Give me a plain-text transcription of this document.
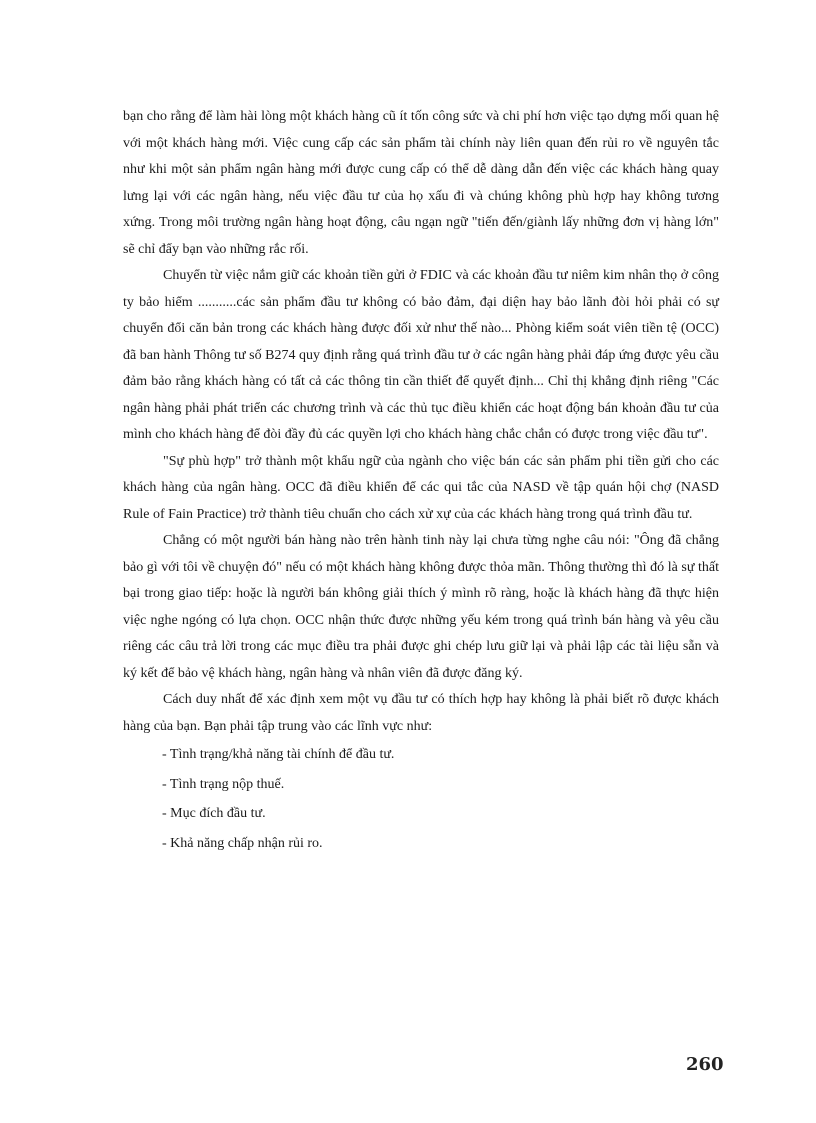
bạn cho rằng để làm hài lòng một khách hàng cũ ít tốn công sức và chi phí hơn việc tạo dựng mối quan hệ với một khách hàng mới. Việc cung cấp các sản phẩm tài chính này liên quan đến rủi ro về nguyên tắc như khi một sản phẩm ngân hàng mới được cung cấp có thể dễ dàng dẫn đến việc các khách hàng quay lưng lại với các ngân hàng, nếu việc đầu tư của họ xấu đi và chúng không phù hợp hay không tương xứng. Trong môi trường ngân hàng hoạt động, câu ngạn ngữ "tiến đến/giành lấy những đơn vị hàng lớn" sẽ chỉ đẩy bạn vào những rắc rối.

Chuyển từ việc nắm giữ các khoản tiền gửi ở FDIC và các khoản đầu tư niêm kim nhân thọ ở công ty bảo hiểm ...........các sản phẩm đầu tư không có bảo đảm, đại diện hay bảo lãnh đòi hỏi phải có sự chuyển đổi căn bản trong các khách hàng được đối xử như thế nào... Phòng kiểm soát viên tiền tệ (OCC) đã ban hành Thông tư số B274 quy định rằng quá trình đầu tư ở các ngân hàng phải đáp ứng được yêu cầu đảm bảo rằng khách hàng có tất cả các thông tin cần thiết để quyết định... Chỉ thị khẳng định riêng "Các ngân hàng phải phát triển các chương trình và các thủ tục điều khiển các hoạt động bán khoản đầu tư của mình cho khách hàng để đòi đầy đủ các quyền lợi cho khách hàng chắc chắn có được trong việc đầu tư".

"Sự phù hợp" trở thành một khẩu ngữ của ngành cho việc bán các sản phẩm phi tiền gửi cho các khách hàng của ngân hàng. OCC đã điều khiển để các qui tắc của NASD về tập quán hội chợ (NASD Rule of Fain Practice) trở thành tiêu chuẩn cho cách xử xự của các khách hàng trong quá trình đầu tư.

Chẳng có một người bán hàng nào trên hành tinh này lại chưa từng nghe câu nói: "Ông đã chẳng bảo gì với tôi về chuyện đó" nếu có một khách hàng không được thỏa mãn. Thông thường thì đó là sự thất bại trong giao tiếp: hoặc là người bán không giải thích ý mình rõ ràng, hoặc là khách hàng đã thực hiện việc nghe ngóng có lựa chọn. OCC nhận thức được những yếu kém trong quá trình bán hàng và yêu cầu riêng các câu trả lời trong các mục điều tra phải được ghi chép lưu giữ lại và phải lập các tài liệu sẵn và ký kết để bảo vệ khách hàng, ngân hàng và nhân viên đã được đăng ký.

Cách duy nhất để xác định xem một vụ đầu tư có thích hợp hay không là phải biết rõ được khách hàng của bạn. Bạn phải tập trung vào các lĩnh vực như:

- Tình trạng/khả năng tài chính để đầu tư.

- Tình trạng nộp thuế.

- Mục đích đầu tư.

- Khả năng chấp nhận rủi ro.

260
